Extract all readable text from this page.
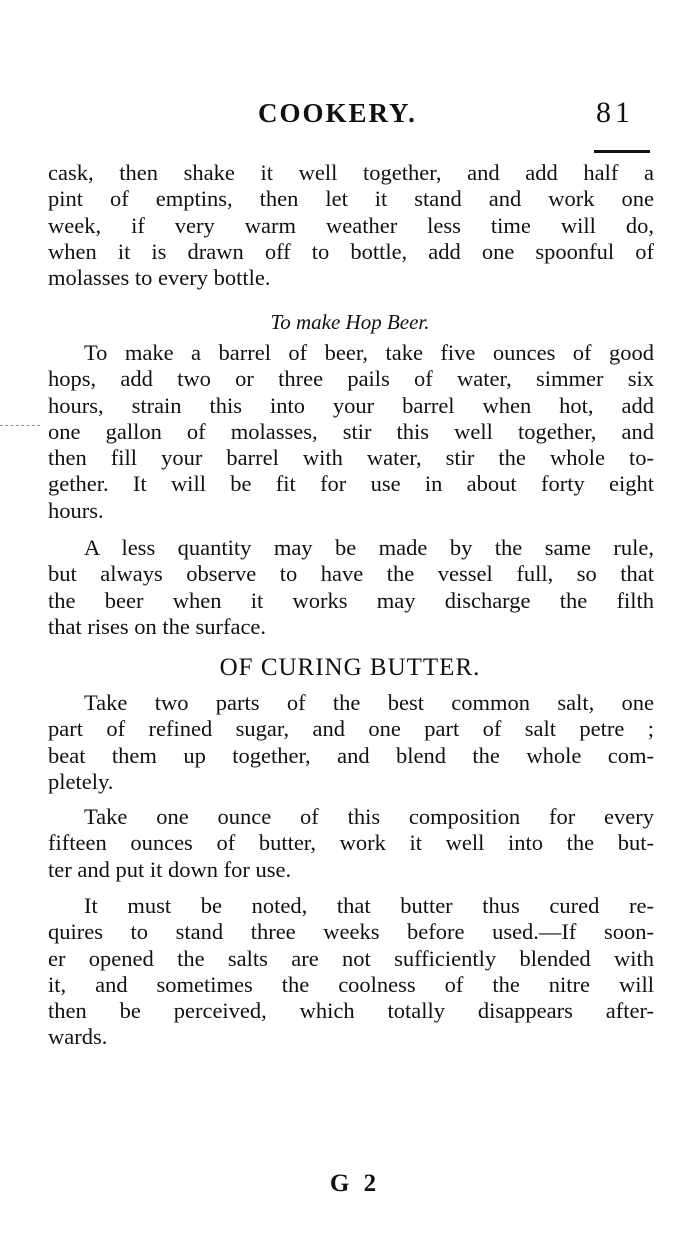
COOKERY.	81
cask, then shake it well together, and add half a
pint of emptins, then let it stand and work one
week, if very warm weather less time will do,
when it is drawn off to bottle, add one spoonful of
molasses to every bottle.
To make Hop Beer.
To make a barrel of beer, take five ounces of good
hops, add two or three pails of water, simmer six
hours, strain this into your barrel when hot, add
one gallon of molasses, stir this well together, and
then fill your barrel with water, stir the whole to-
gether. It will be fit for use in about forty eight
hours.
A less quantity may be made by the same rule,
but always observe to have the vessel full, so that
the beer when it works may discharge the filth
that rises on the surface.
OF CURING BUTTER.
Take two parts of the best common salt, one
part of refined sugar, and one part of salt petre ;
beat them up together, and blend the whole com-
pletely.
Take one ounce of this composition for every
fifteen ounces of butter, work it well into the but-
ter and put it down for use.
It must be noted, that butter thus cured re-
quires to stand three weeks before used.—If soon-
er opened the salts are not sufficiently blended with
it, and sometimes the coolness of the nitre will
then be perceived, which totally disappears after-
wards.
G 2
